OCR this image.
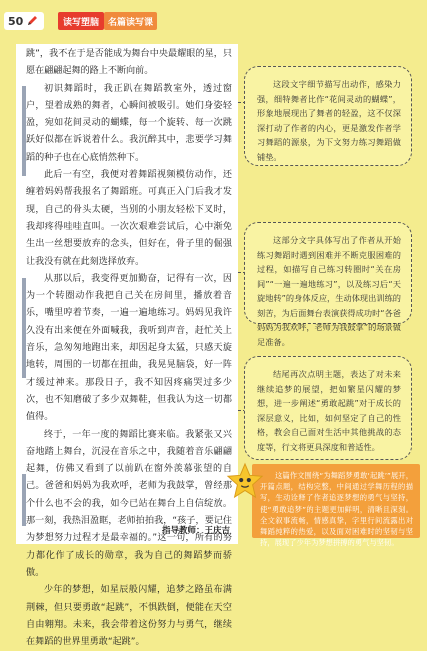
50	读写塑脑 名篇读写课

跳”，我不在于是否能成为舞台中央最耀眼的星，只愿在翩翩起舞的路上不断向前。

初识舞蹈时，我正趴在舞蹈教室外，透过窗户，望着成熟的舞者，心瞬间被吸引。她们身姿轻盈，宛如花间灵动的蝴蝶，每一个旋转、每一次跳跃好似都在诉说着什么。我沉醉其中，悲要学习舞蹈的种子也在心底悄然种下。

此后一有空，我便对着舞蹈视频模仿动作，还缠着妈妈帮我报名了舞蹈班。可真正入门后我才发现，自己的骨头太硬，当别的小朋友轻松下叉时，我却疼得哇哇直叫。一次次艰难尝试后，心中渐免生出一丝想要放弃的念头，但好在，骨子里的倔强让我没有就在此刻选择放弃。

从那以后，我变得更加勤奋，记得有一次，因为一个转圈动作我把自己关在房间里，播放着音乐，嘴里哼着节奏，一遍一遍地练习。妈妈见我许久没有出来便在外面喊我，我听到声音，赶忙关上音乐，急匆匆地跑出来，却因起身太猛，只感天旋地转，周围的一切都在扭曲，我晃晃脑袋，好一阵才缓过神来。那段日子，我不知因疼痛哭过多少次，也不知磨破了多少双舞鞋，但我认为这一切都值得。

终于，一年一度的舞蹈比赛来临。我紧张又兴奋地踏上舞台，沉浸在音乐之中，我随着音乐翩翩起舞，仿佛又看到了以前趴在窗外羡慕张望的自己。爸爸和妈妈为我欢呼，老师为我鼓掌，曾经那个什么也不会的我，如今已站在舞台上自信绽放。那一刻，我热泪盈眶，老师拍拍我，“孩子，要记住为梦想努力过程才是最幸福的。”这一句，所有的努力都化作了成长的勋章，我为自己的舞蹈梦而骄傲。

少年的梦想，如星辰般闪耀，追梦之路虽布满荆棘，但只要勇敢“起跳”，不惧跌倒，便能在天空自由翱翔。未来，我会带着这份努力与勇气，继续在舞蹈的世界里勇敢“起跳”。

指导教师：王庆吉

这段文字细节描写出动作，感染力强，细特舞者比作“花间灵动的蝴蝶”，形象地展现出了舞者的轻盈，这不仅深深打动了作者的内心，更是激发作者学习舞蹈的源泉，为下文努力练习舞蹈做铺垫。

这部分文字具体写出了作者从开始练习舞蹈时遇到困难并不断克服困难的过程，如描写自己练习转圈时“关在房间”“一遍一遍地练习”，以及练习后“天旋地转”的身体反应，生动体现出训练的刻苦，为后面舞台表演获得成功时“各爸妈妈为我欢呼，老师为我鼓掌”的场景做足准备。

结尾再次点明主题，表达了对未来继续追梦的展望，把如繁星闪耀的梦想，进一步阐述“勇敢起跳”对于成长的深层意义，比如，如何坚定了自己的性格，教会自己面对生活中其他挑战的态度等，行文将更具深度和普适性。

这篇作文围绕“为舞蹈梦勇敢‘起跳’”展开，开篇点题，结构完整，中间通过学舞历程的描写，生动诠释了作者追逐梦想的勇气与坚持，使“勇敢追梦”的主题更加鲜明，清晰且深刻。全文叙事流畅，情感真挚，字里行间流露出对舞蹈纯粹的热爱，以及面对困难时的坚韧与坚持，展现了少年为梦想拼搏的勇气与坚韧。
